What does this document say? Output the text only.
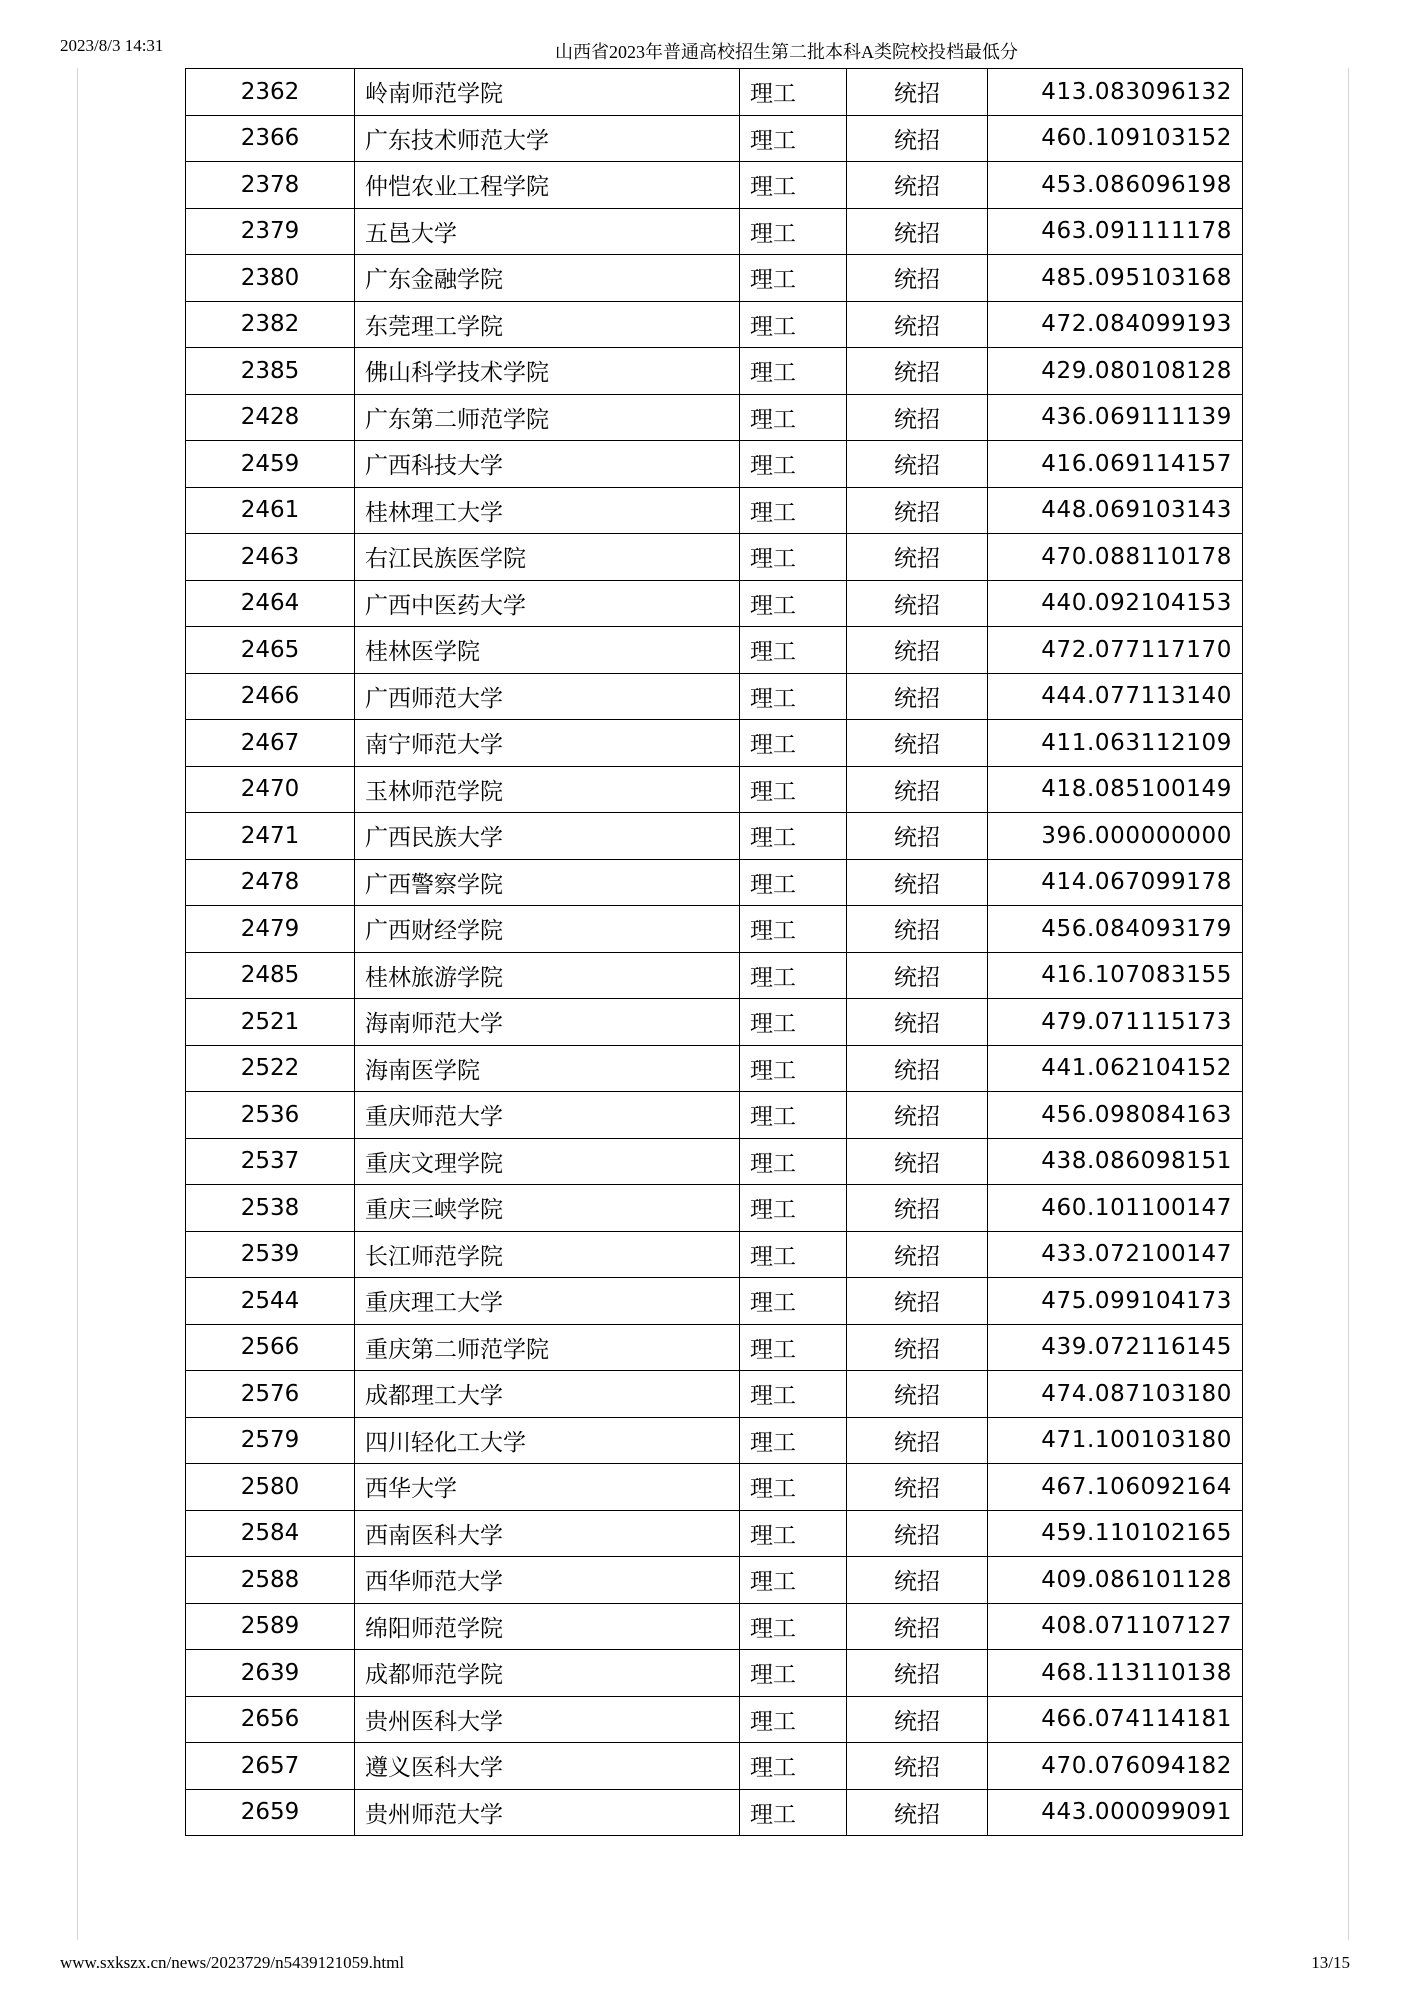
2023/8/3 14:31	山西省2023年普通高校招生第二批本科A类院校投档最低分
2362	岭南师范学院	理工	统招	413.083096132
2366	广东技术师范大学	理工	统招	460.109103152
2378	仲恺农业工程学院	理工	统招	453.086096198
2379	五邑大学	理工	统招	463.091111178
2380	广东金融学院	理工	统招	485.095103168
2382	东莞理工学院	理工	统招	472.084099193
2385	佛山科学技术学院	理工	统招	429.080108128
2428	广东第二师范学院	理工	统招	436.069111139
2459	广西科技大学	理工	统招	416.069114157
2461	桂林理工大学	理工	统招	448.069103143
2463	右江民族医学院	理工	统招	470.088110178
2464	广西中医药大学	理工	统招	440.092104153
2465	桂林医学院	理工	统招	472.077117170
2466	广西师范大学	理工	统招	444.077113140
2467	南宁师范大学	理工	统招	411.063112109
2470	玉林师范学院	理工	统招	418.085100149
2471	广西民族大学	理工	统招	396.000000000
2478	广西警察学院	理工	统招	414.067099178
2479	广西财经学院	理工	统招	456.084093179
2485	桂林旅游学院	理工	统招	416.107083155
2521	海南师范大学	理工	统招	479.071115173
2522	海南医学院	理工	统招	441.062104152
2536	重庆师范大学	理工	统招	456.098084163
2537	重庆文理学院	理工	统招	438.086098151
2538	重庆三峡学院	理工	统招	460.101100147
2539	长江师范学院	理工	统招	433.072100147
2544	重庆理工大学	理工	统招	475.099104173
2566	重庆第二师范学院	理工	统招	439.072116145
2576	成都理工大学	理工	统招	474.087103180
2579	四川轻化工大学	理工	统招	471.100103180
2580	西华大学	理工	统招	467.106092164
2584	西南医科大学	理工	统招	459.110102165
2588	西华师范大学	理工	统招	409.086101128
2589	绵阳师范学院	理工	统招	408.071107127
2639	成都师范学院	理工	统招	468.113110138
2656	贵州医科大学	理工	统招	466.074114181
2657	遵义医科大学	理工	统招	470.076094182
2659	贵州师范大学	理工	统招	443.000099091
www.sxkszx.cn/news/2023729/n5439121059.html	13/15
